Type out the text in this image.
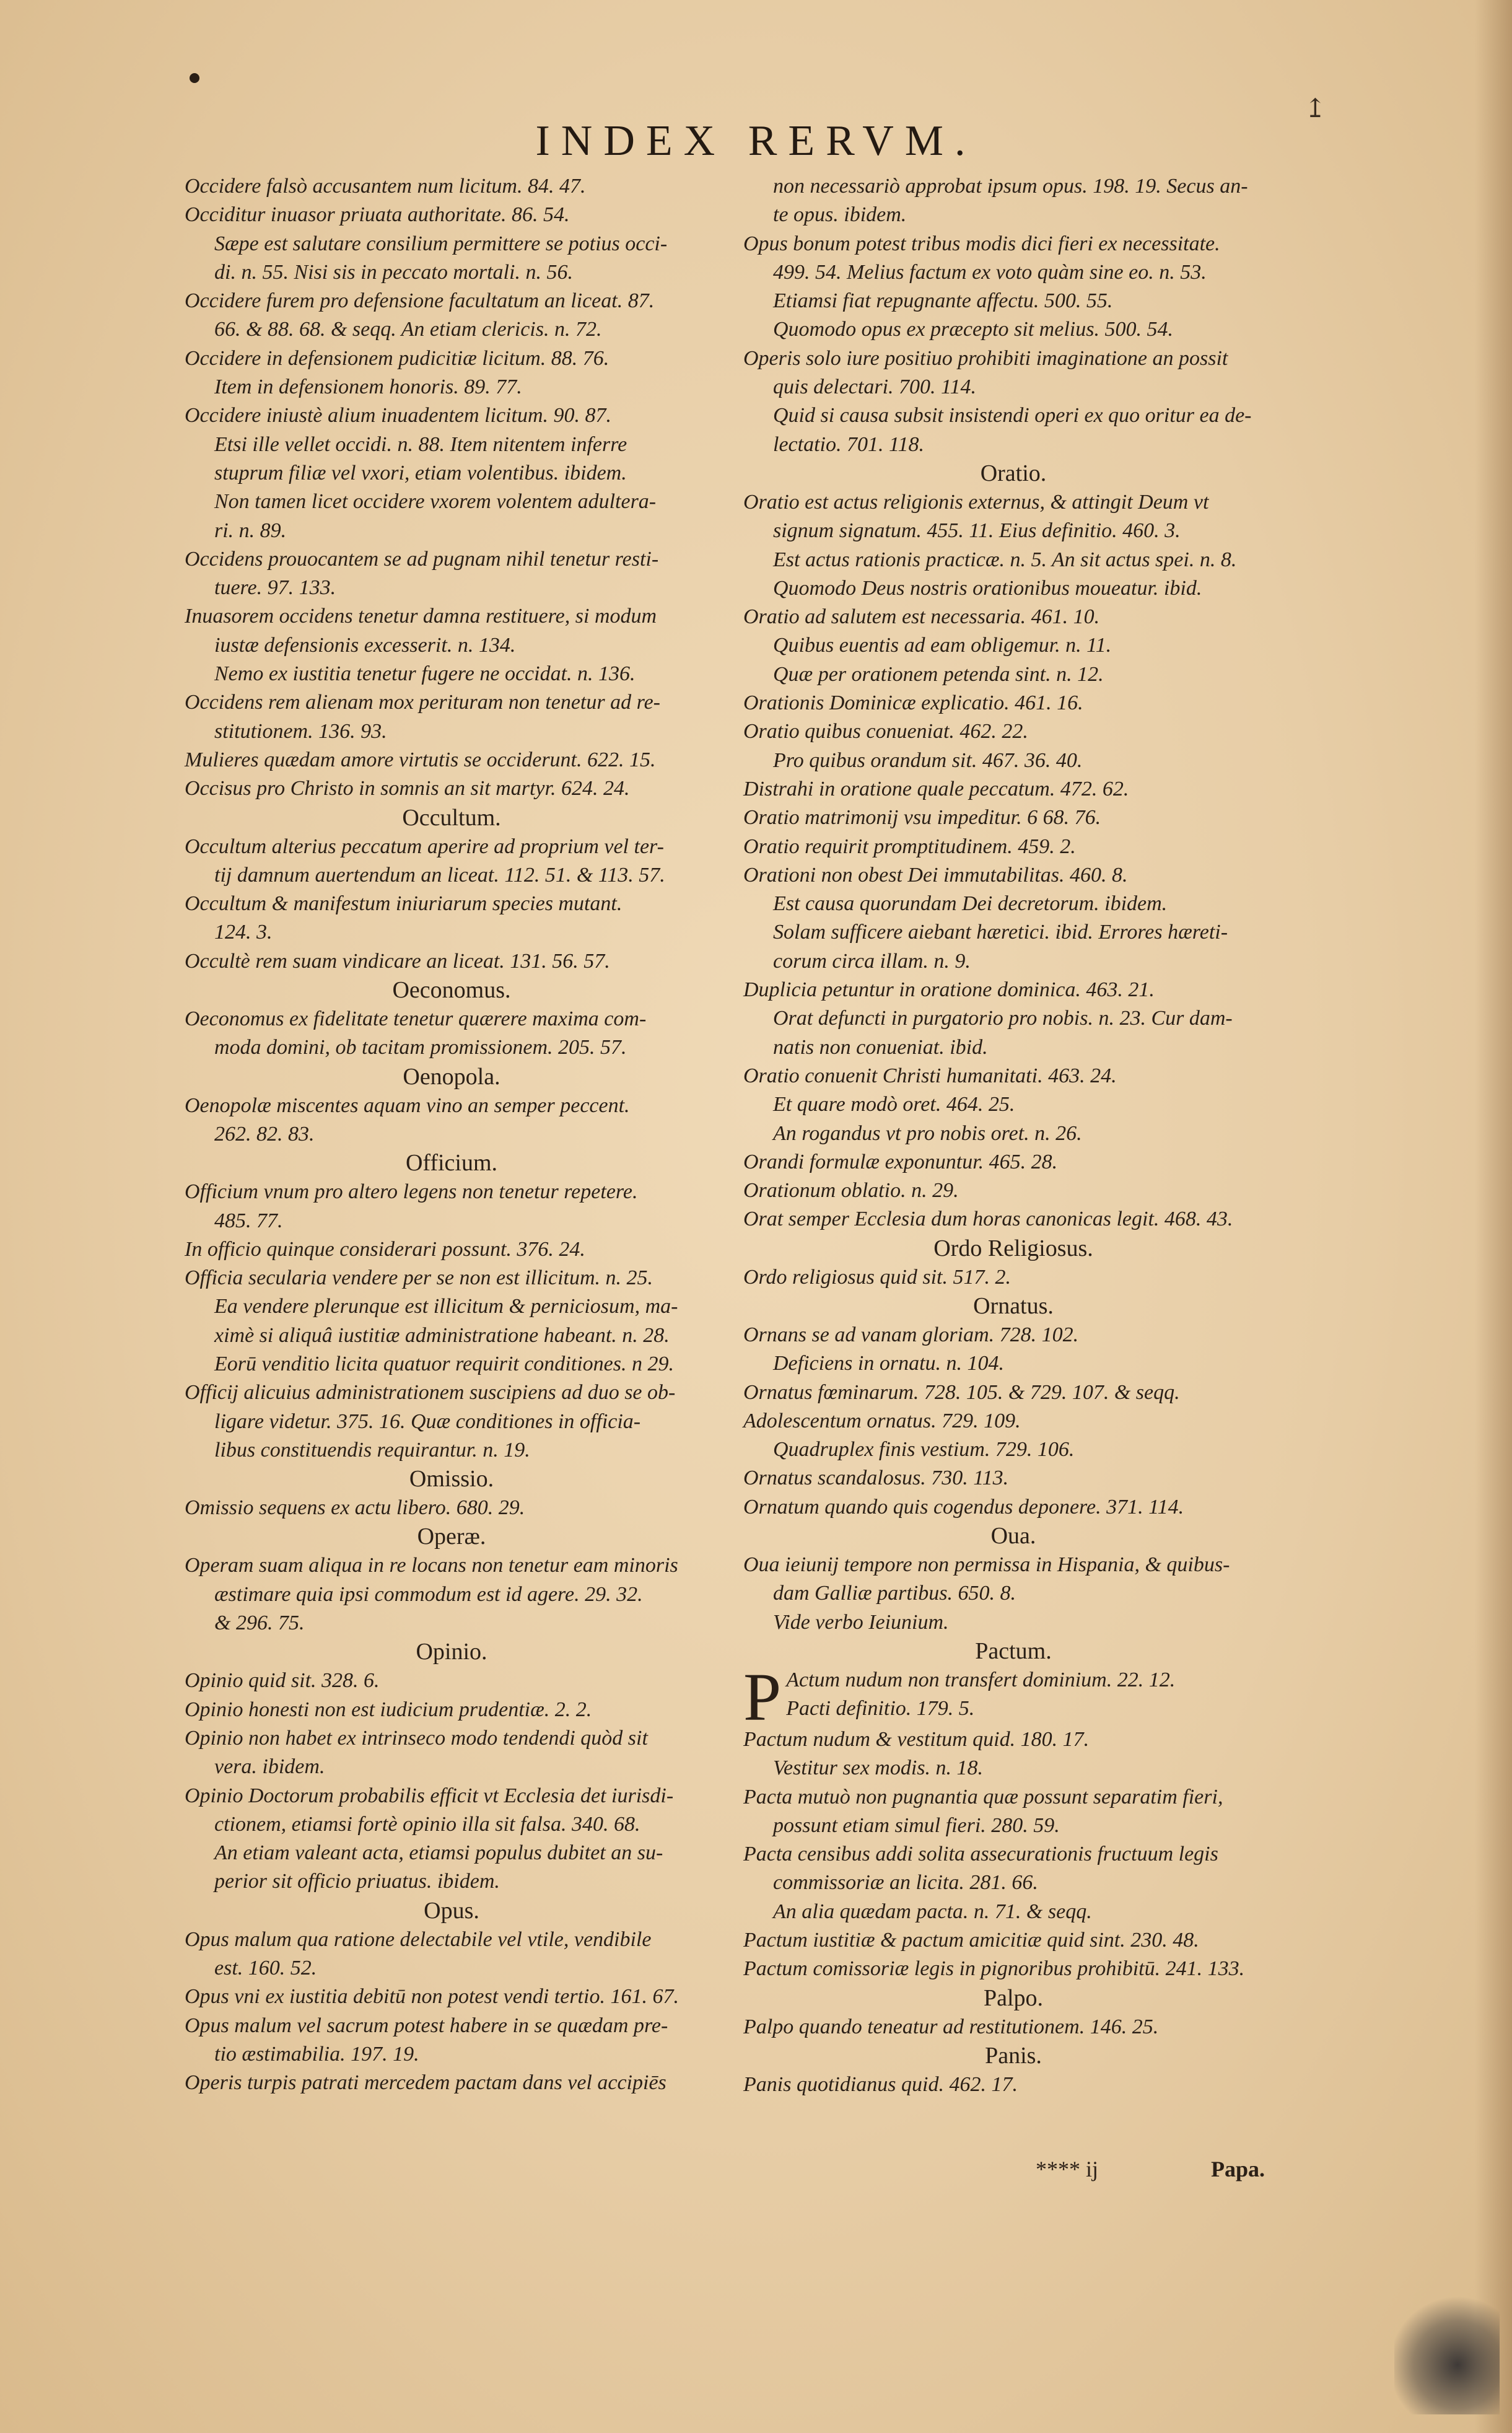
↥
INDEX RERVM.
Occidere falsò accusantem num licitum. 84. 47.
Occiditur inuasor priuata authoritate. 86. 54.
Sæpe est salutare consilium permittere se potius occi-
di. n. 55. Nisi sis in peccato mortali. n. 56.
Occidere furem pro defensione facultatum an liceat. 87.
66. & 88. 68. & seqq. An etiam clericis. n. 72.
Occidere in defensionem pudicitiæ licitum. 88. 76.
Item in defensionem honoris. 89. 77.
Occidere iniustè alium inuadentem licitum. 90. 87.
Etsi ille vellet occidi. n. 88. Item nitentem inferre
stuprum filiæ vel vxori, etiam volentibus. ibidem.
Non tamen licet occidere vxorem volentem adultera-
ri. n. 89.
Occidens prouocantem se ad pugnam nihil tenetur resti-
tuere. 97. 133.
Inuasorem occidens tenetur damna restituere, si modum
iustæ defensionis excesserit. n. 134.
Nemo ex iustitia tenetur fugere ne occidat. n. 136.
Occidens rem alienam mox perituram non tenetur ad re-
stitutionem. 136. 93.
Mulieres quædam amore virtutis se occiderunt. 622. 15.
Occisus pro Christo in somnis an sit martyr. 624. 24.
Occultum.
Occultum alterius peccatum aperire ad proprium vel ter-
tij damnum auertendum an liceat. 112. 51. & 113. 57.
Occultum & manifestum iniuriarum species mutant.
124. 3.
Occultè rem suam vindicare an liceat. 131. 56. 57.
Oeconomus.
Oeconomus ex fidelitate tenetur quærere maxima com-
moda domini, ob tacitam promissionem. 205. 57.
Oenopola.
Oenopolæ miscentes aquam vino an semper peccent.
262. 82. 83.
Officium.
Officium vnum pro altero legens non tenetur repetere.
485. 77.
In officio quinque considerari possunt. 376. 24.
Officia secularia vendere per se non est illicitum. n. 25.
Ea vendere plerunque est illicitum & perniciosum, ma-
ximè si aliquâ iustitiæ administratione habeant. n. 28.
Eorū venditio licita quatuor requirit conditiones. n 29.
Officij alicuius administrationem suscipiens ad duo se ob-
ligare videtur. 375. 16. Quæ conditiones in officia-
libus constituendis requirantur. n. 19.
Omissio.
Omissio sequens ex actu libero. 680. 29.
Operæ.
Operam suam aliqua in re locans non tenetur eam minoris
æstimare quia ipsi commodum est id agere. 29. 32.
& 296. 75.
Opinio.
Opinio quid sit. 328. 6.
Opinio honesti non est iudicium prudentiæ. 2. 2.
Opinio non habet ex intrinseco modo tendendi quòd sit
vera. ibidem.
Opinio Doctorum probabilis efficit vt Ecclesia det iurisdi-
ctionem, etiamsi fortè opinio illa sit falsa. 340. 68.
An etiam valeant acta, etiamsi populus dubitet an su-
perior sit officio priuatus. ibidem.
Opus.
Opus malum qua ratione delectabile vel vtile, vendibile
est. 160. 52.
Opus vni ex iustitia debitū non potest vendi tertio. 161. 67.
Opus malum vel sacrum potest habere in se quædam pre-
tio æstimabilia. 197. 19.
Operis turpis patrati mercedem pactam dans vel accipiēs
non necessariò approbat ipsum opus. 198. 19. Secus an-
te opus. ibidem.
Opus bonum potest tribus modis dici fieri ex necessitate.
499. 54. Melius factum ex voto quàm sine eo. n. 53.
Etiamsi fiat repugnante affectu. 500. 55.
Quomodo opus ex præcepto sit melius. 500. 54.
Operis solo iure positiuo prohibiti imaginatione an possit
quis delectari. 700. 114.
Quid si causa subsit insistendi operi ex quo oritur ea de-
lectatio. 701. 118.
Oratio.
Oratio est actus religionis externus, & attingit Deum vt
signum signatum. 455. 11. Eius definitio. 460. 3.
Est actus rationis practicæ. n. 5. An sit actus spei. n. 8.
Quomodo Deus nostris orationibus moueatur. ibid.
Oratio ad salutem est necessaria. 461. 10.
Quibus euentis ad eam obligemur. n. 11.
Quæ per orationem petenda sint. n. 12.
Orationis Dominicæ explicatio. 461. 16.
Oratio quibus conueniat. 462. 22.
Pro quibus orandum sit. 467. 36. 40.
Distrahi in oratione quale peccatum. 472. 62.
Oratio matrimonij vsu impeditur. 6 68. 76.
Oratio requirit promptitudinem. 459. 2.
Orationi non obest Dei immutabilitas. 460. 8.
Est causa quorundam Dei decretorum. ibidem.
Solam sufficere aiebant hæretici. ibid. Errores hæreti-
corum circa illam. n. 9.
Duplicia petuntur in oratione dominica. 463. 21.
Orat defuncti in purgatorio pro nobis. n. 23. Cur dam-
natis non conueniat. ibid.
Oratio conuenit Christi humanitati. 463. 24.
Et quare modò oret. 464. 25.
An rogandus vt pro nobis oret. n. 26.
Orandi formulæ exponuntur. 465. 28.
Orationum oblatio. n. 29.
Orat semper Ecclesia dum horas canonicas legit. 468. 43.
Ordo Religiosus.
Ordo religiosus quid sit. 517. 2.
Ornatus.
Ornans se ad vanam gloriam. 728. 102.
Deficiens in ornatu. n. 104.
Ornatus fœminarum. 728. 105. & 729. 107. & seqq.
Adolescentum ornatus. 729. 109.
Quadruplex finis vestium. 729. 106.
Ornatus scandalosus. 730. 113.
Ornatum quando quis cogendus deponere. 371. 114.
Oua.
Oua ieiunij tempore non permissa in Hispania, & quibus-
dam Galliæ partibus. 650. 8.
Vide verbo Ieiunium.
Pactum.
P Actum nudum non transfert dominium. 22. 12.
Pacti definitio. 179. 5.
Pactum nudum & vestitum quid. 180. 17.
Vestitur sex modis. n. 18.
Pacta mutuò non pugnantia quæ possunt separatim fieri,
possunt etiam simul fieri. 280. 59.
Pacta censibus addi solita assecurationis fructuum legis
commissoriæ an licita. 281. 66.
An alia quædam pacta. n. 71. & seqq.
Pactum iustitiæ & pactum amicitiæ quid sint. 230. 48.
Pactum comissoriæ legis in pignoribus prohibitū. 241. 133.
Palpo.
Palpo quando teneatur ad restitutionem. 146. 25.
Panis.
Panis quotidianus quid. 462. 17.
**** ij	Papa.
